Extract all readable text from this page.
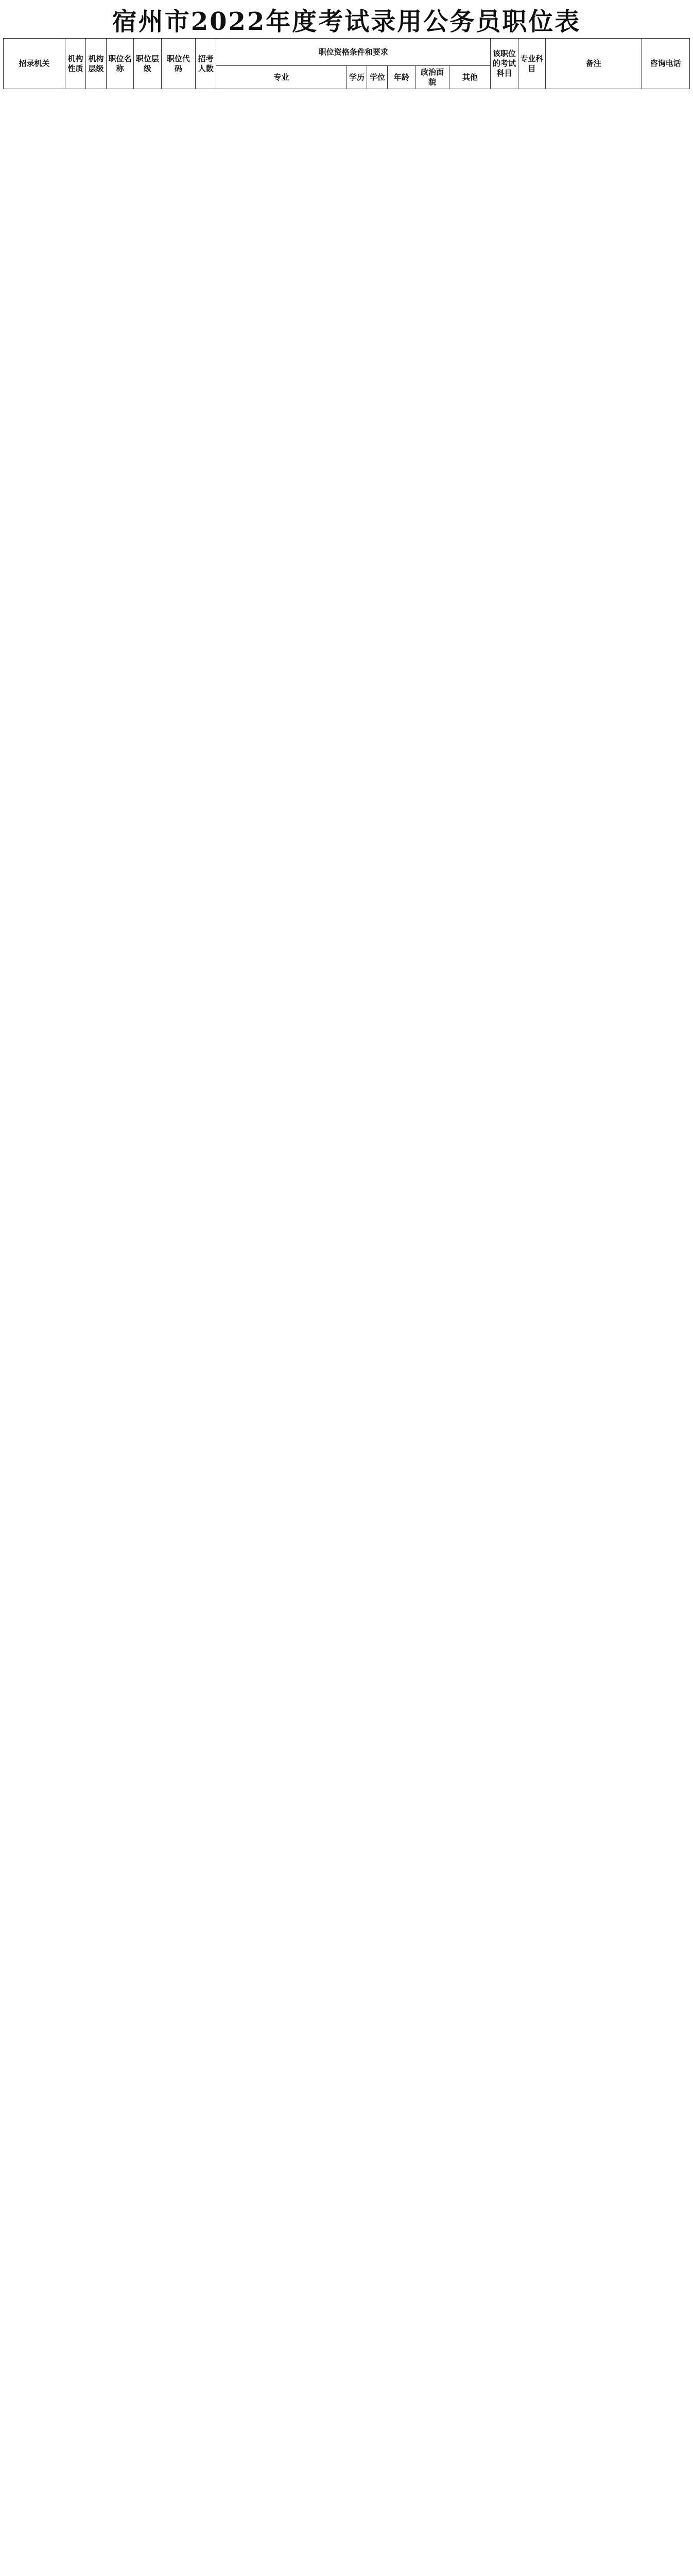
宿州市2022年度考试录用公务员职位表
招录机关	机构性质	机构层级	职位名称	职位层级	职位代码	招考人数	职位资格条件和要求						该职位的考试科目	专业科目	备注	咨询电话
							专业	学历	学位	年龄	政治面貌	其他				
